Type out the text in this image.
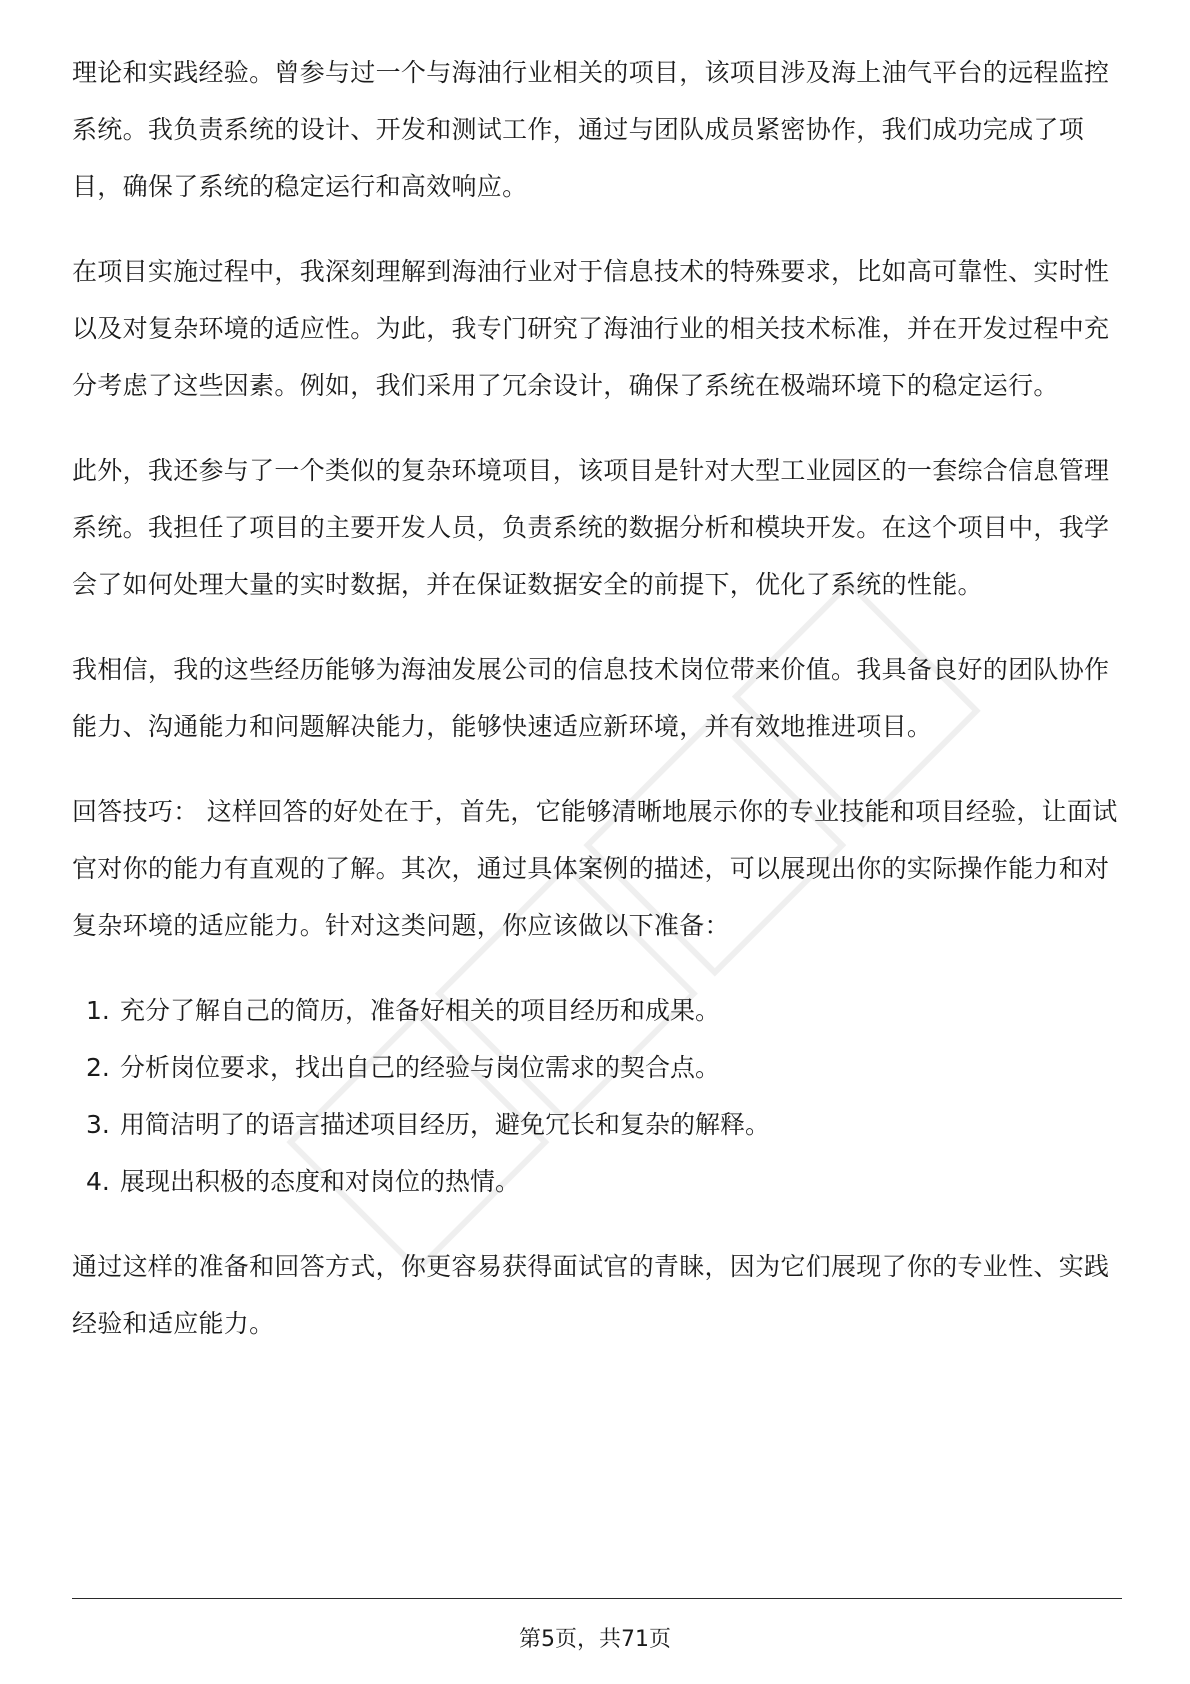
理论和实践经验。曾参与过一个与海油行业相关的项目，该项目涉及海上油气平台的远程监控系统。我负责系统的设计、开发和测试工作，通过与团队成员紧密协作，我们成功完成了项目，确保了系统的稳定运行和高效响应。

在项目实施过程中，我深刻理解到海油行业对于信息技术的特殊要求，比如高可靠性、实时性以及对复杂环境的适应性。为此，我专门研究了海油行业的相关技术标准，并在开发过程中充分考虑了这些因素。例如，我们采用了冗余设计，确保了系统在极端环境下的稳定运行。

此外，我还参与了一个类似的复杂环境项目，该项目是针对大型工业园区的一套综合信息管理系统。我担任了项目的主要开发人员，负责系统的数据分析和模块开发。在这个项目中，我学会了如何处理大量的实时数据，并在保证数据安全的前提下，优化了系统的性能。

我相信，我的这些经历能够为海油发展公司的信息技术岗位带来价值。我具备良好的团队协作能力、沟通能力和问题解决能力，能够快速适应新环境，并有效地推进项目。

回答技巧： 这样回答的好处在于，首先，它能够清晰地展示你的专业技能和项目经验，让面试官对你的能力有直观的了解。其次，通过具体案例的描述，可以展现出你的实际操作能力和对复杂环境的适应能力。针对这类问题，你应该做以下准备：

1. 充分了解自己的简历，准备好相关的项目经历和成果。
2. 分析岗位要求，找出自己的经验与岗位需求的契合点。
3. 用简洁明了的语言描述项目经历，避免冗长和复杂的解释。
4. 展现出积极的态度和对岗位的热情。

通过这样的准备和回答方式，你更容易获得面试官的青睐，因为它们展现了你的专业性、实践经验和适应能力。

第5页，共71页
